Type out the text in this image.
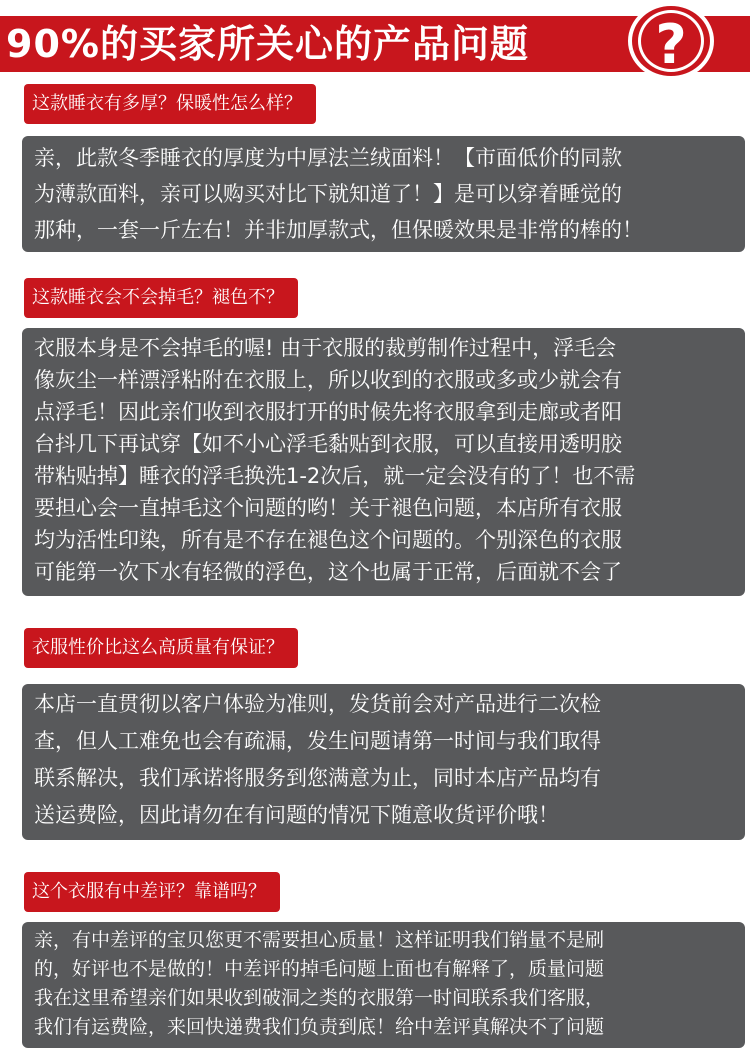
90%的买家所关心的产品问题	?
这款睡衣有多厚？保暖性怎么样？

亲，此款冬季睡衣的厚度为中厚法兰绒面料！【市面低价的同款

为薄款面料，亲可以购买对比下就知道了！】是可以穿着睡觉的

那种，一套一斤左右！并非加厚款式，但保暖效果是非常的棒的！

这款睡衣会不会掉毛？褪色不？

衣服本身是不会掉毛的喔! 由于衣服的裁剪制作过程中，浮毛会

像灰尘一样漂浮粘附在衣服上，所以收到的衣服或多或少就会有

点浮毛！因此亲们收到衣服打开的时候先将衣服拿到走廊或者阳

台抖几下再试穿【如不小心浮毛黏贴到衣服，可以直接用透明胶

带粘贴掉】睡衣的浮毛换洗1-2次后，就一定会没有的了！也不需

要担心会一直掉毛这个问题的哟！关于褪色问题，本店所有衣服

均为活性印染，所有是不存在褪色这个问题的。个别深色的衣服

可能第一次下水有轻微的浮色，这个也属于正常，后面就不会了

衣服性价比这么高质量有保证？

本店一直贯彻以客户体验为准则，发货前会对产品进行二次检

查，但人工难免也会有疏漏，发生问题请第一时间与我们取得

联系解决，我们承诺将服务到您满意为止，同时本店产品均有

送运费险，因此请勿在有问题的情况下随意收货评价哦！

这个衣服有中差评？靠谱吗？

亲，有中差评的宝贝您更不需要担心质量！这样证明我们销量不是刷

的，好评也不是做的！中差评的掉毛问题上面也有解释了，质量问题

我在这里希望亲们如果收到破洞之类的衣服第一时间联系我们客服，

我们有运费险，来回快递费我们负责到底！给中差评真解决不了问题
